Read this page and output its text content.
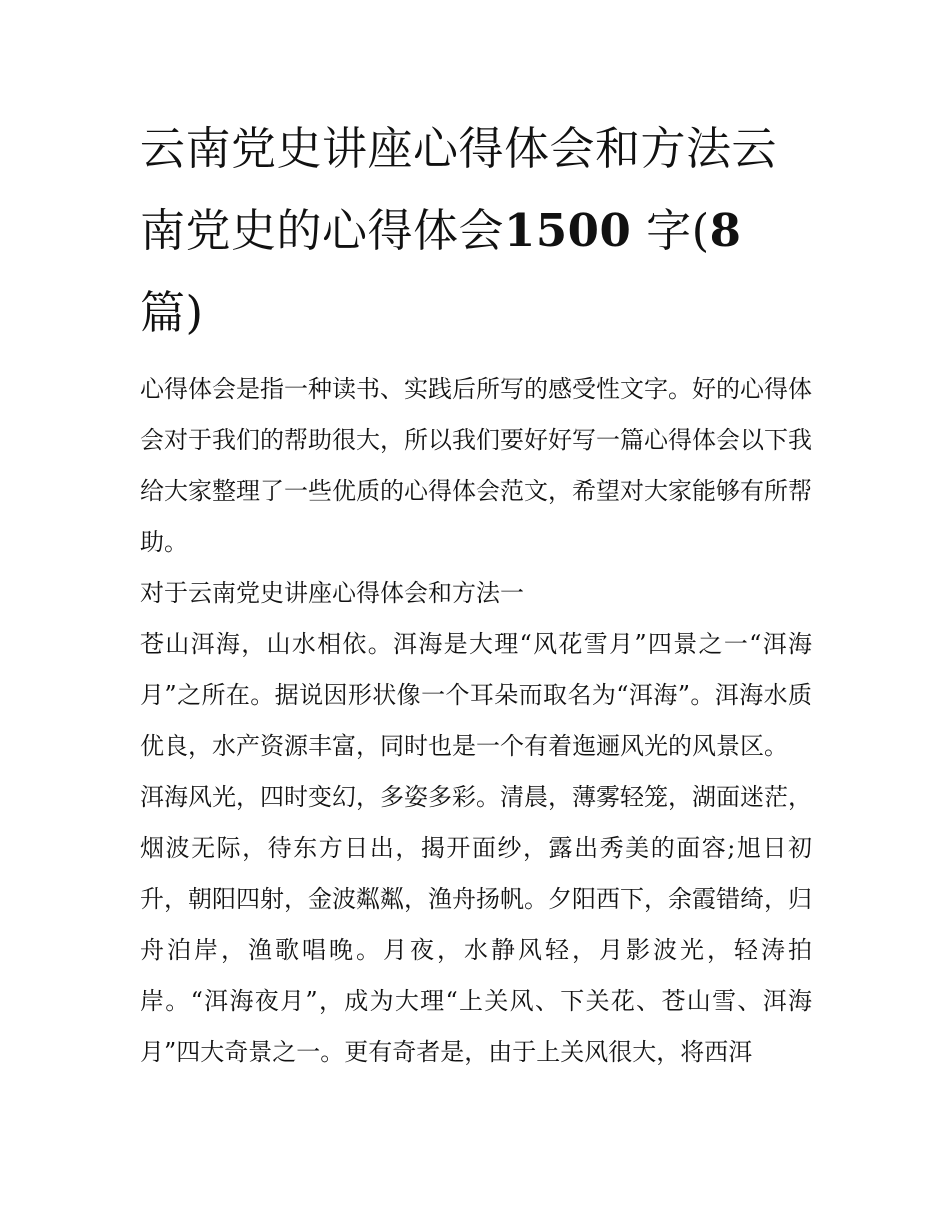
云南党史讲座心得体会和方法云南党史的心得体会1500 字(8
篇)

心得体会是指一种读书、实践后所写的感受性文字。好的心得体会对于我们的帮助很大，所以我们要好好写一篇心得体会以下我给大家整理了一些优质的心得体会范文，希望对大家能够有所帮助。

对于云南党史讲座心得体会和方法一

苍山洱海，山水相依。洱海是大理“风花雪月”四景之一“洱海月”之所在。据说因形状像一个耳朵而取名为“洱海”。洱海水质优良，水产资源丰富，同时也是一个有着迤逦风光的风景区。

洱海风光，四时变幻，多姿多彩。清晨，薄雾轻笼，湖面迷茫，烟波无际，待东方日出，揭开面纱，露出秀美的面容;旭日初升，朝阳四射，金波粼粼，渔舟扬帆。夕阳西下，余霞错绮，归舟泊岸，渔歌唱晚。月夜，水静风轻，月影波光，轻涛拍岸。“洱海夜月”，成为大理“上关风、下关花、苍山雪、洱海月”四大奇景之一。更有奇者是，由于上关风很大，将西洱
